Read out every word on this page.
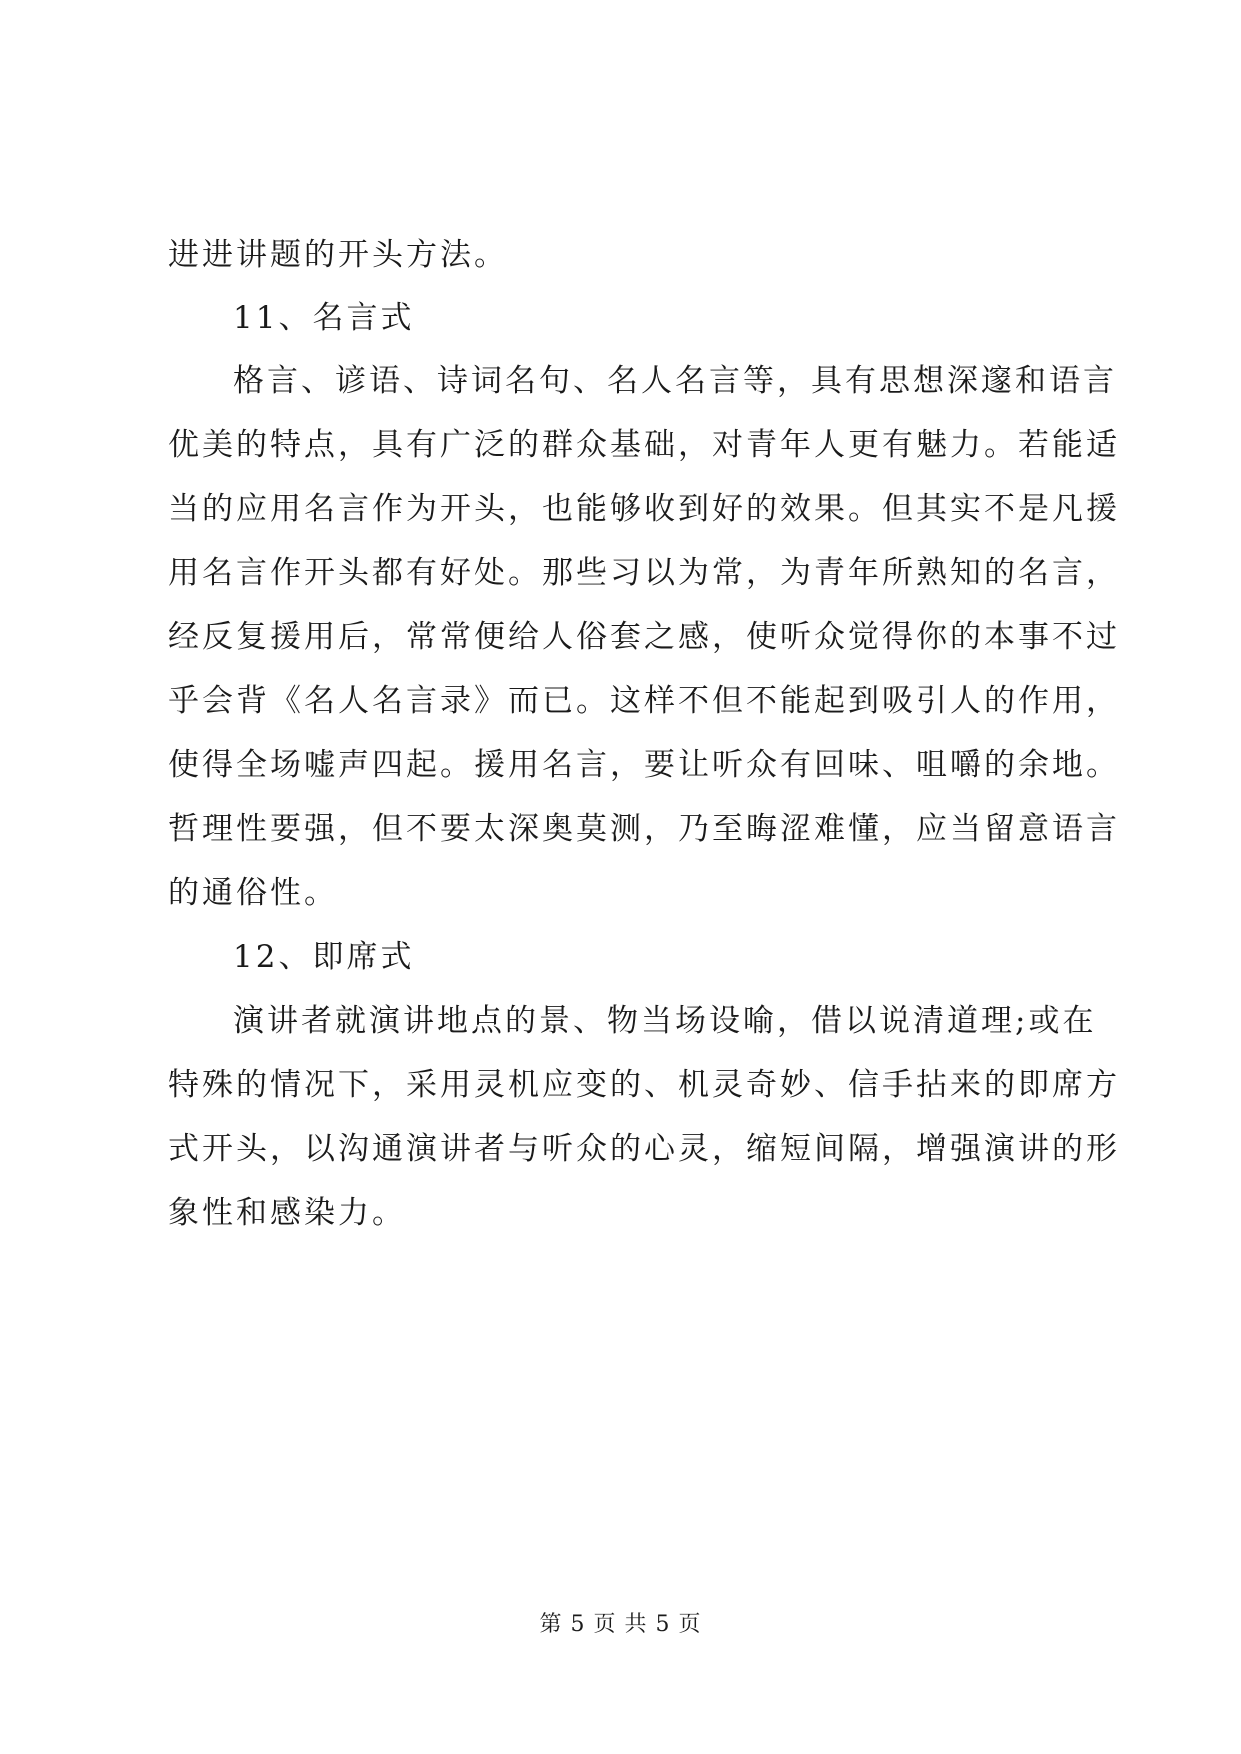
进进讲题的开头方法。
11、名言式
格言、谚语、诗词名句、名人名言等，具有思想深邃和语言
优美的特点，具有广泛的群众基础，对青年人更有魅力。若能适
当的应用名言作为开头，也能够收到好的效果。但其实不是凡援
用名言作开头都有好处。那些习以为常，为青年所熟知的名言，
经反复援用后，常常便给人俗套之感，使听众觉得你的本事不过
乎会背《名人名言录》而已。这样不但不能起到吸引人的作用，
使得全场嘘声四起。援用名言，要让听众有回味、咀嚼的余地。
哲理性要强，但不要太深奥莫测，乃至晦涩难懂，应当留意语言
的通俗性。
12、即席式
演讲者就演讲地点的景、物当场设喻，借以说清道理;或在
特殊的情况下，采用灵机应变的、机灵奇妙、信手拈来的即席方
式开头，以沟通演讲者与听众的心灵，缩短间隔，增强演讲的形
象性和感染力。
第 5 页 共 5 页
